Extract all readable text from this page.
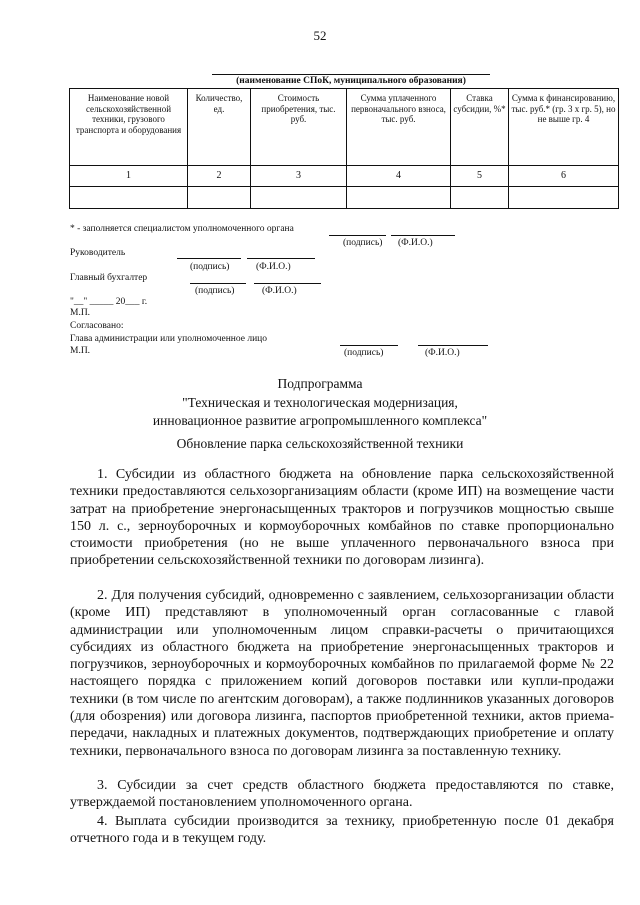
52
(наименование СПоК, муниципального образования)
Наименование новой сельскохозяйственной техники, грузового транспорта и оборудования	Количество, ед.	Стоимость приобретения, тыс. руб.	Сумма уплаченного первоначального взноса, тыс. руб.	Ставка субсидии, %*	Сумма к финансированию, тыс. руб.* (гр. 3 х гр. 5), но не выше гр. 4
1	2	3	4	5	6

* - заполняется специалистом уполномоченного органа
(подпись) (Ф.И.О.)
Руководитель
(подпись)	(Ф.И.О.)
Главный бухгалтер
(подпись)	(Ф.И.О.)
"__" _____ 20___ г.
М.П.
Согласовано:
Глава администрации или уполномоченное лицо
М.П.	(подпись)	(Ф.И.О.)
Подпрограмма
"Техническая и технологическая модернизация,
инновационное развитие агропромышленного комплекса"
Обновление парка сельскохозяйственной техники

1. Субсидии из областного бюджета на обновление парка сельскохозяйственной техники предоставляются сельхозорганизациям области (кроме ИП) на возмещение части затрат на приобретение энергонасыщенных тракторов и погрузчиков мощностью свыше 150 л. с., зерноуборочных и кормоуборочных комбайнов по ставке пропорционально стоимости приобретения (но не выше уплаченного первоначального взноса при приобретении сельскохозяйственной техники по договорам лизинга).

2. Для получения субсидий, одновременно с заявлением, сельхозорганизации области (кроме ИП) представляют в уполномоченный орган согласованные с главой администрации или уполномоченным лицом справки-расчеты о причитающихся субсидиях из областного бюджета на приобретение энергонасыщенных тракторов и погрузчиков, зерноуборочных и кормоуборочных комбайнов по прилагаемой форме № 22 настоящего порядка с приложением копий договоров поставки или купли-продажи техники (в том числе по агентским договорам), а также подлинников указанных договоров (для обозрения) или договора лизинга, паспортов приобретенной техники, актов приема-передачи, накладных и платежных документов, подтверждающих приобретение и оплату техники, первоначального взноса по договорам лизинга за поставленную технику.

3. Субсидии за счет средств областного бюджета предоставляются по ставке, утверждаемой постановлением уполномоченного органа.

4. Выплата субсидии производится за технику, приобретенную после 01 декабря отчетного года и в текущем году.
